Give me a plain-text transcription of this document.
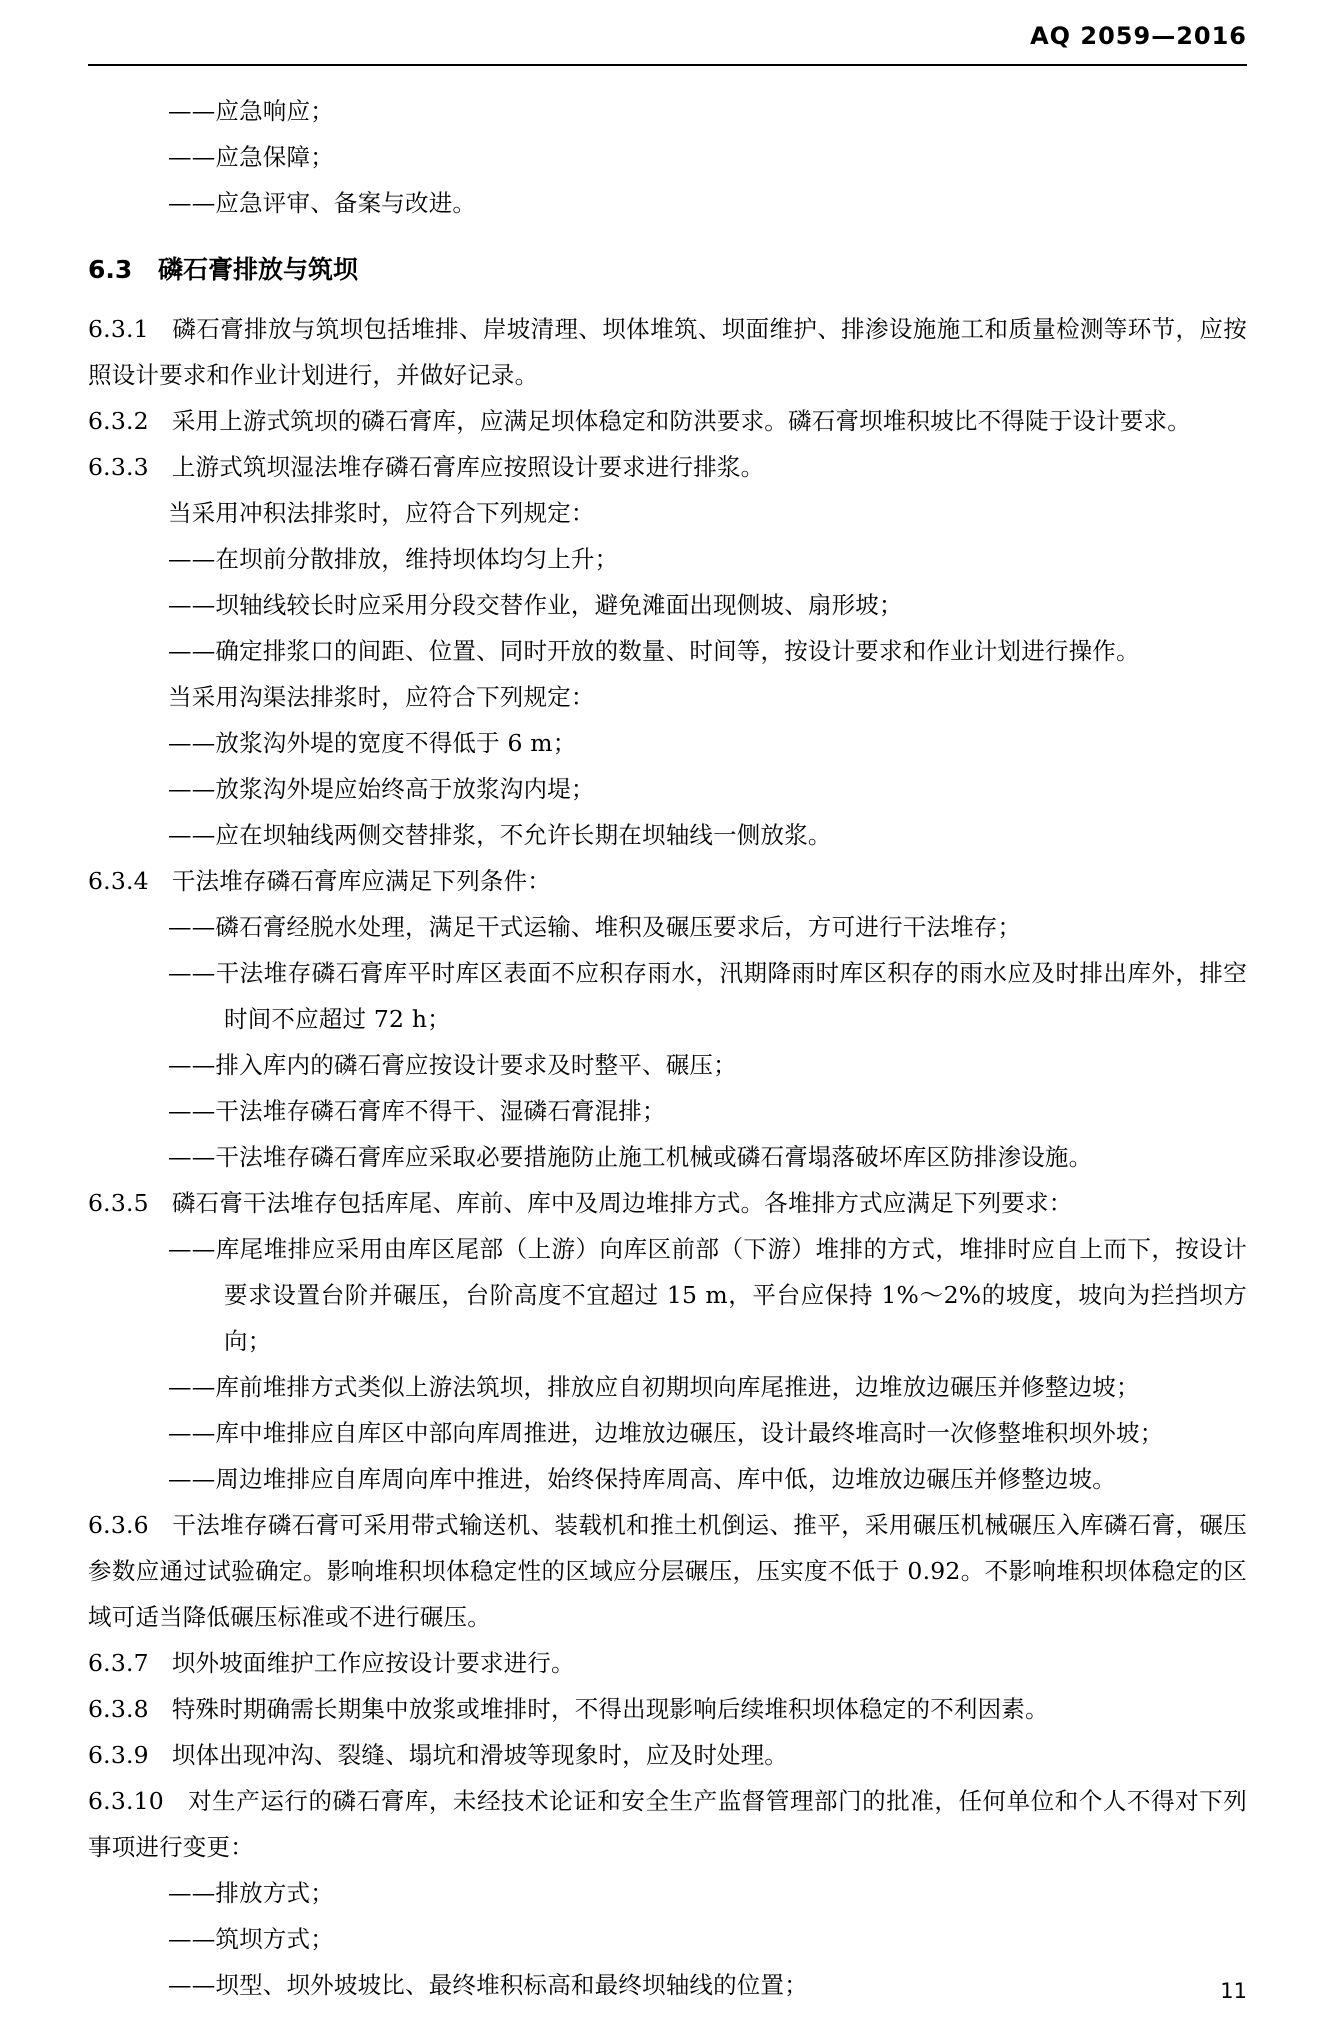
AQ 2059—2016
——应急响应；
——应急保障；
——应急评审、备案与改进。
6.3 磷石膏排放与筑坝
6.3.1 磷石膏排放与筑坝包括堆排、岸坡清理、坝体堆筑、坝面维护、排渗设施施工和质量检测等环节，应按照设计要求和作业计划进行，并做好记录。
6.3.2 采用上游式筑坝的磷石膏库，应满足坝体稳定和防洪要求。磷石膏坝堆积坡比不得陡于设计要求。
6.3.3 上游式筑坝湿法堆存磷石膏库应按照设计要求进行排浆。
当采用冲积法排浆时，应符合下列规定：
——在坝前分散排放，维持坝体均匀上升；
——坝轴线较长时应采用分段交替作业，避免滩面出现侧坡、扇形坡；
——确定排浆口的间距、位置、同时开放的数量、时间等，按设计要求和作业计划进行操作。
当采用沟渠法排浆时，应符合下列规定：
——放浆沟外堤的宽度不得低于 6 m；
——放浆沟外堤应始终高于放浆沟内堤；
——应在坝轴线两侧交替排浆，不允许长期在坝轴线一侧放浆。
6.3.4 干法堆存磷石膏库应满足下列条件：
——磷石膏经脱水处理，满足干式运输、堆积及碾压要求后，方可进行干法堆存；
——干法堆存磷石膏库平时库区表面不应积存雨水，汛期降雨时库区积存的雨水应及时排出库外，排空时间不应超过 72 h；
——排入库内的磷石膏应按设计要求及时整平、碾压；
——干法堆存磷石膏库不得干、湿磷石膏混排；
——干法堆存磷石膏库应采取必要措施防止施工机械或磷石膏塌落破坏库区防排渗设施。
6.3.5 磷石膏干法堆存包括库尾、库前、库中及周边堆排方式。各堆排方式应满足下列要求：
——库尾堆排应采用由库区尾部（上游）向库区前部（下游）堆排的方式，堆排时应自上而下，按设计要求设置台阶并碾压，台阶高度不宜超过 15 m，平台应保持 1%～2%的坡度，坡向为拦挡坝方向；
——库前堆排方式类似上游法筑坝，排放应自初期坝向库尾推进，边堆放边碾压并修整边坡；
——库中堆排应自库区中部向库周推进，边堆放边碾压，设计最终堆高时一次修整堆积坝外坡；
——周边堆排应自库周向库中推进，始终保持库周高、库中低，边堆放边碾压并修整边坡。
6.3.6 干法堆存磷石膏可采用带式输送机、装载机和推土机倒运、推平，采用碾压机械碾压入库磷石膏，碾压参数应通过试验确定。影响堆积坝体稳定性的区域应分层碾压，压实度不低于 0.92。不影响堆积坝体稳定的区域可适当降低碾压标准或不进行碾压。
6.3.7 坝外坡面维护工作应按设计要求进行。
6.3.8 特殊时期确需长期集中放浆或堆排时，不得出现影响后续堆积坝体稳定的不利因素。
6.3.9 坝体出现冲沟、裂缝、塌坑和滑坡等现象时，应及时处理。
6.3.10 对生产运行的磷石膏库，未经技术论证和安全生产监督管理部门的批准，任何单位和个人不得对下列事项进行变更：
——排放方式；
——筑坝方式；
——坝型、坝外坡坡比、最终堆积标高和最终坝轴线的位置；	11
